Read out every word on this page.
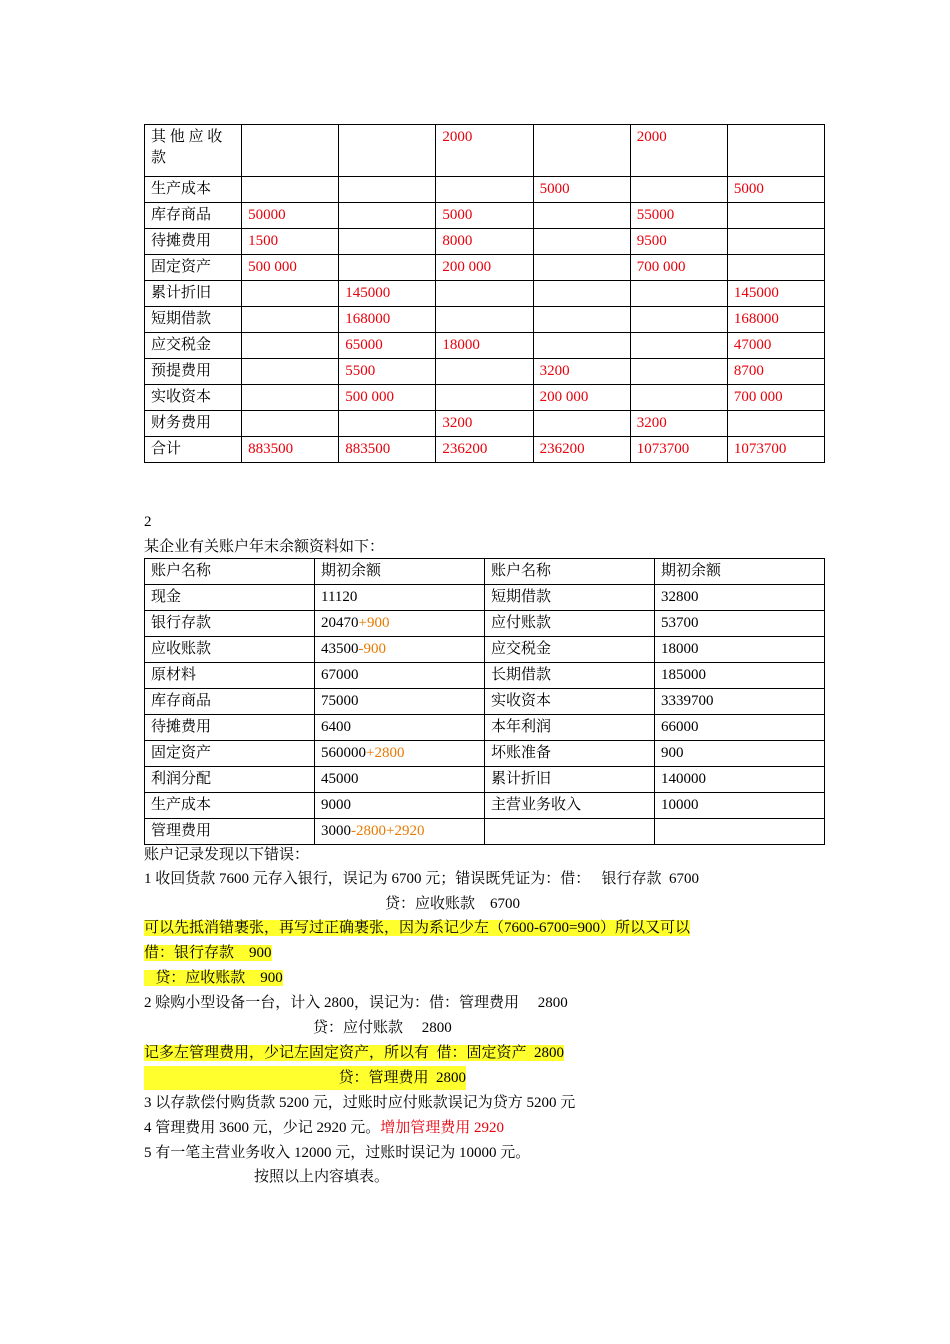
其 他 应 收 款			2000		2000	
生产成本				5000		5000
库存商品	50000		5000		55000	
待摊费用	1500		8000		9500	
固定资产	500 000		200 000		700 000	
累计折旧		145000				145000
短期借款		168000				168000
应交税金		65000	18000			47000
预提费用		5500		3200		8700
实收资本		500 000		200 000		700 000
财务费用			3200		3200	
合计	883500	883500	236200	236200	1073700	1073700
2
某企业有关账户年末余额资料如下：
账户名称	期初余额	账户名称	期初余额
现金	11120	短期借款	32800
银行存款	20470+900	应付账款	53700
应收账款	43500-900	应交税金	18000
原材料	67000	长期借款	185000
库存商品	75000	实收资本	3339700
待摊费用	6400	本年利润	66000
固定资产	560000+2800	坏账准备	900
利润分配	45000	累计折旧	140000
生产成本	9000	主营业务收入	10000
管理费用	3000-2800+2920		
账户记录发现以下错误：
1 收回货款 7600 元存入银行，误记为 6700 元；错误既凭证为：借：   银行存款  6700
贷：应收账款    6700
可以先抵消错裹张，再写过正确裹张，因为系记少左（7600-6700=900）所以又可以
借：银行存款    900
贷：应收账款    900
2 赊购小型设备一台，计入 2800，误记为：借：管理费用     2800
贷：应付账款     2800
记多左管理费用，少记左固定资产，所以有  借：固定资产  2800
贷：管理费用  2800
3 以存款偿付购货款 5200 元，过账时应付账款误记为贷方 5200 元
4 管理费用 3600 元，少记 2920 元。增加管理费用 2920
5 有一笔主营业务收入 12000 元，过账时误记为 10000 元。
按照以上内容填表。
